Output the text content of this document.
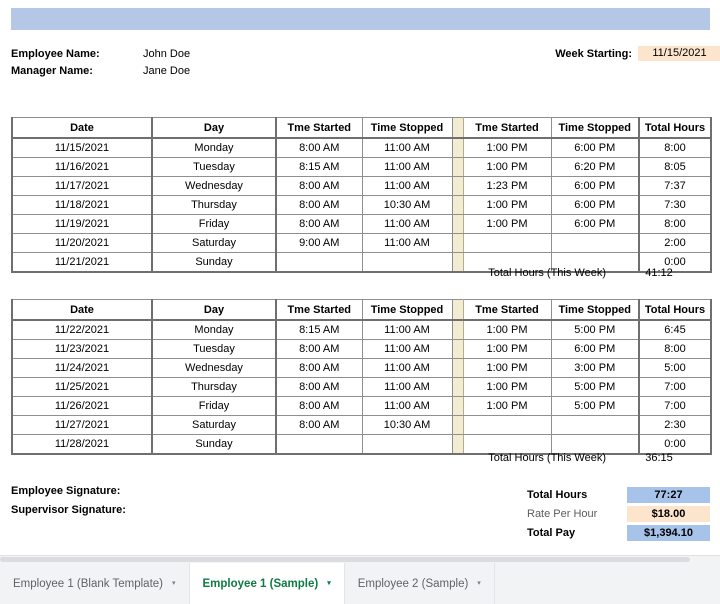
Employee Name:	John Doe
Manager Name:	Jane Doe
Week Starting:	11/15/2021
Date	Day	Tme Started	Time Stopped		Tme Started	Time Stopped	Total Hours
11/15/2021	Monday	8:00 AM	11:00 AM		1:00 PM	6:00 PM	8:00
11/16/2021	Tuesday	8:15 AM	11:00 AM		1:00 PM	6:20 PM	8:05
11/17/2021	Wednesday	8:00 AM	11:00 AM		1:23 PM	6:00 PM	7:37
11/18/2021	Thursday	8:00 AM	10:30 AM		1:00 PM	6:00 PM	7:30
11/19/2021	Friday	8:00 AM	11:00 AM		1:00 PM	6:00 PM	8:00
11/20/2021	Saturday	9:00 AM	11:00 AM				2:00
11/21/2021	Sunday						0:00
Total Hours (This Week)	41:12
Date	Day	Tme Started	Time Stopped		Tme Started	Time Stopped	Total Hours
11/22/2021	Monday	8:15 AM	11:00 AM		1:00 PM	5:00 PM	6:45
11/23/2021	Tuesday	8:00 AM	11:00 AM		1:00 PM	6:00 PM	8:00
11/24/2021	Wednesday	8:00 AM	11:00 AM		1:00 PM	3:00 PM	5:00
11/25/2021	Thursday	8:00 AM	11:00 AM		1:00 PM	5:00 PM	7:00
11/26/2021	Friday	8:00 AM	11:00 AM		1:00 PM	5:00 PM	7:00
11/27/2021	Saturday	8:00 AM	10:30 AM				2:30
11/28/2021	Sunday						0:00
Total Hours (This Week)	36:15
Employee Signature:
Supervisor Signature:
Total Hours	77:27
Rate Per Hour	$18.00
Total Pay	$1,394.10
Employee 1 (Blank Template) ▾ Employee 1 (Sample) ▾ Employee 2 (Sample) ▾
